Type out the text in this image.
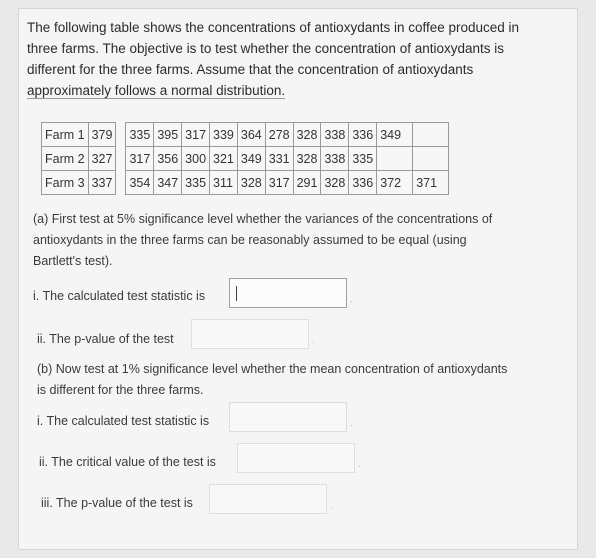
The following table shows the concentrations of antioxydants in coffee produced in
three farms. The objective is to test whether the concentration of antioxydants is
different for the three farms. Assume that the concentration of antioxydants
approximately follows a normal distribution.
Farm 1	379		335	395	317	339	364	278	328	338	336	349	
Farm 2	327		317	356	300	321	349	331	328	338	335		
Farm 3	337		354	347	335	311	328	317	291	328	336	372	371
(a) First test at 5% significance level whether the variances of the concentrations of
antioxydants in the three farms can be reasonably assumed to be equal (using
Bartlett's test).
i. The calculated test statistic is	.
ii. The p-value of the test	.
(b) Now test at 1% significance level whether the mean concentration of antioxydants
is different for the three farms.
i. The calculated test statistic is	.
ii. The critical value of the test is	.
iii. The p-value of the test is	.
